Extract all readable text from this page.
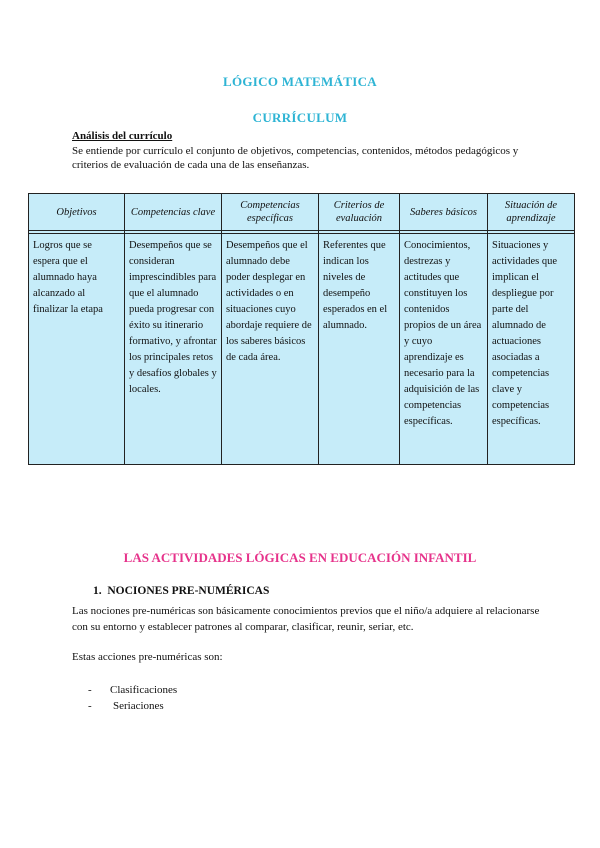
LÓGICO MATEMÁTICA
CURRÍCULUM
Análisis del currículo
Se entiende por currículo el conjunto de objetivos, competencias, contenidos, métodos pedagógicos y criterios de evaluación de cada una de las enseñanzas.
Objetivos	Competencias clave	Competencias específicas	Criterios de evaluación	Saberes básicos	Situación de aprendizaje

Logros que se espera que el alumnado haya alcanzado al finalizar la etapa	Desempeños que se consideran imprescindibles para que el alumnado pueda progresar con éxito su itinerario formativo, y afrontar los principales retos y desafíos globales y locales.	Desempeños que el alumnado debe poder desplegar en actividades o en situaciones cuyo abordaje requiere de los saberes básicos de cada área.	Referentes que indican los niveles de desempeño esperados en el alumnado.	Conocimientos, destrezas y actitudes que constituyen los contenidos propios de un área y cuyo aprendizaje es necesario para la adquisición de las competencias específicas.	Situaciones y actividades que implican el despliegue por parte del alumnado de actuaciones asociadas a competencias clave y competencias específicas.
LAS ACTIVIDADES LÓGICAS EN EDUCACIÓN INFANTIL
1. NOCIONES PRE-NUMÉRICAS
Las nociones pre-numéricas son básicamente conocimientos previos que el niño/a adquiere al relacionarse con su entorno y establecer patrones al comparar, clasificar, reunir, seriar, etc.
Estas acciones pre-numéricas son:
- Clasificaciones
- Seriaciones
